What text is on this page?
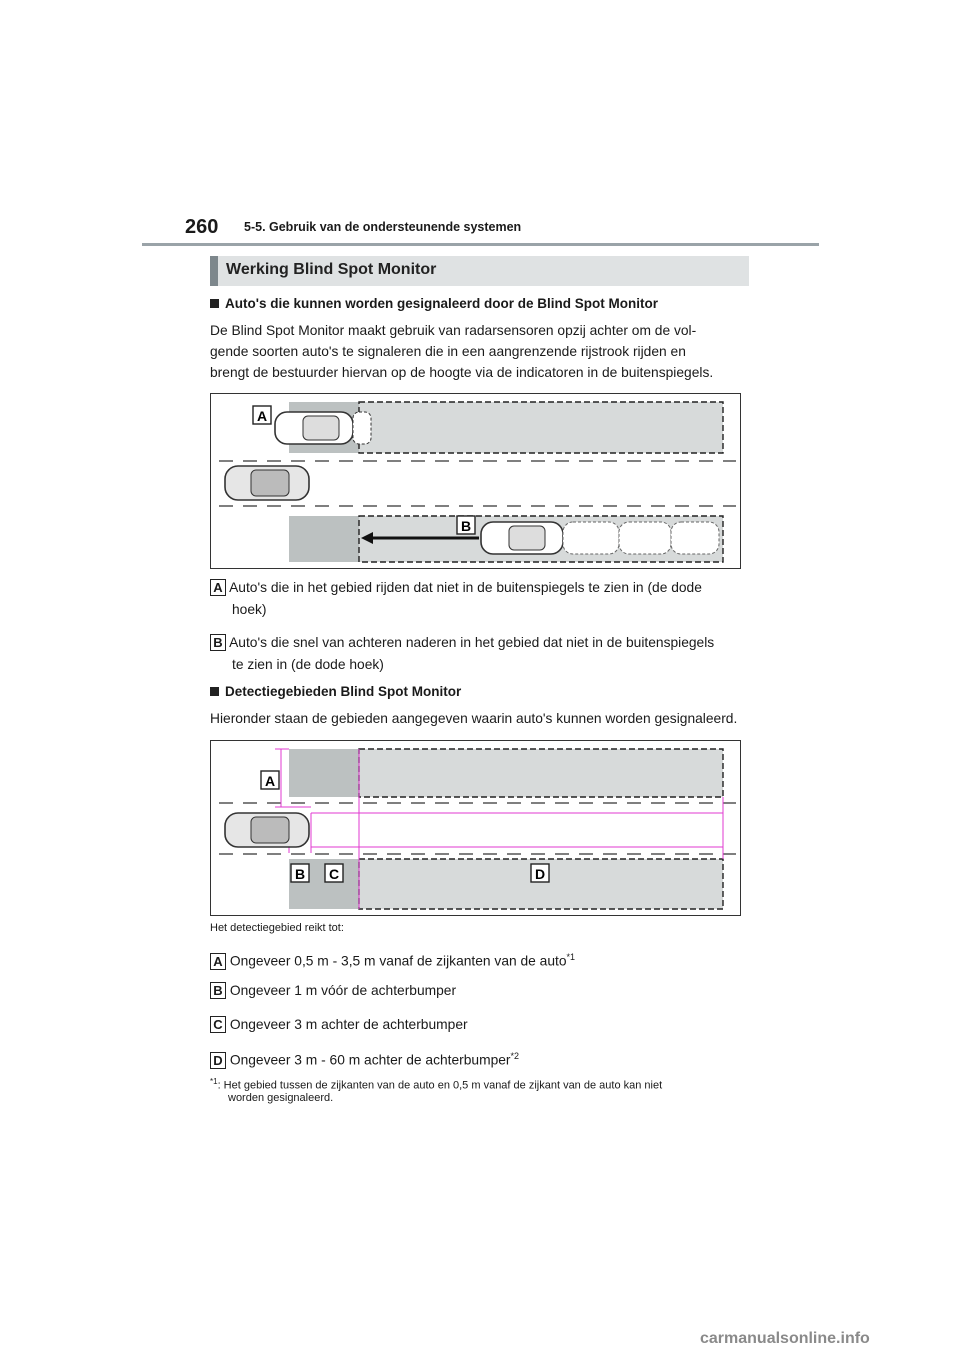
260 5-5. Gebruik van de ondersteunende systemen
Werking Blind Spot Monitor
Auto's die kunnen worden gesignaleerd door de Blind Spot Monitor
De Blind Spot Monitor maakt gebruik van radarsensoren opzij achter om de vol-
gende soorten auto's te signaleren die in een aangrenzende rijstrook rijden en
brengt de bestuurder hiervan op de hoogte via de indicatoren in de buitenspiegels.
A
B
A Auto's die in het gebied rijden dat niet in de buitenspiegels te zien in (de dode
hoek)
B Auto's die snel van achteren naderen in het gebied dat niet in de buitenspiegels
te zien in (de dode hoek)
Detectiegebieden Blind Spot Monitor
Hieronder staan de gebieden aangegeven waarin auto's kunnen worden gesignaleerd.
A
B C	D
Het detectiegebied reikt tot:
A Ongeveer 0,5 m - 3,5 m vanaf de zijkanten van de auto$^{*1}$
B Ongeveer 1 m vóór de achterbumper
C Ongeveer 3 m achter de achterbumper
D Ongeveer 3 m - 60 m achter de achterbumper$^{*2}$
$^{*1}$: Het gebied tussen de zijkanten van de auto en 0,5 m vanaf de zijkant van de auto kan niet
worden gesignaleerd.
carmanualsonline.info
